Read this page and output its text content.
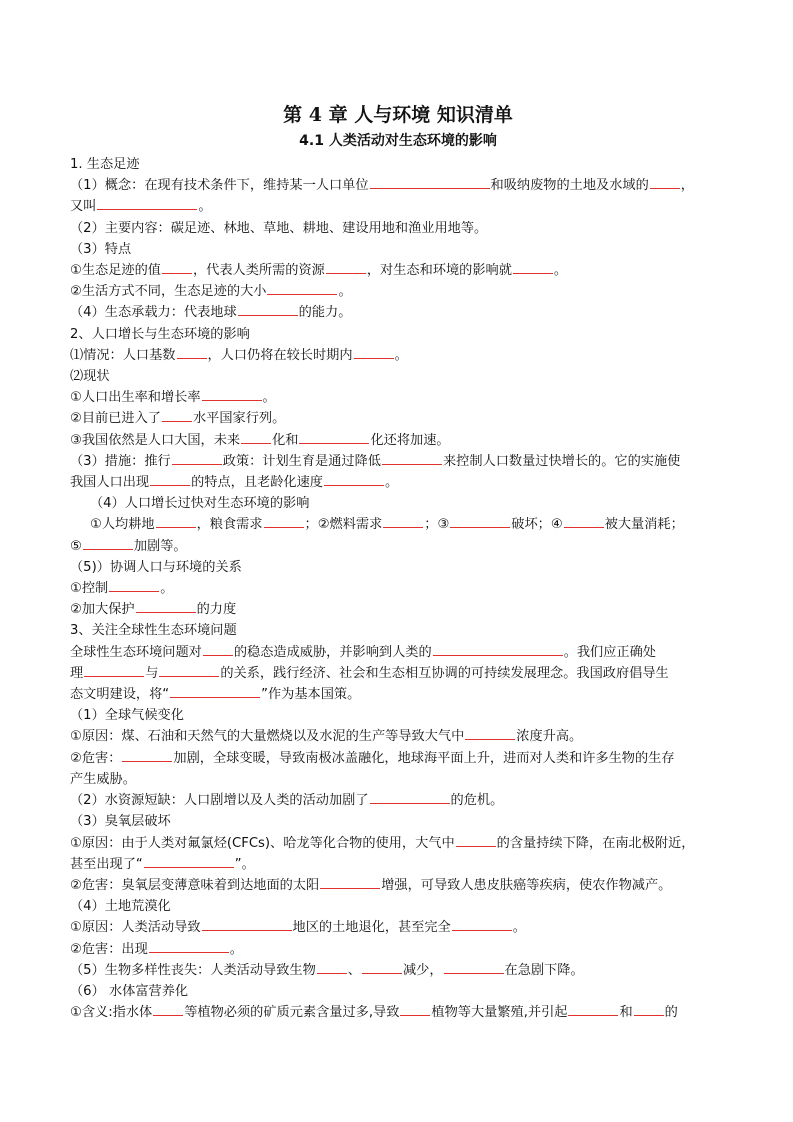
第 4 章 人与环境 知识清单
4.1 人类活动对生态环境的影响
1. 生态足迹
（1）概念：在现有技术条件下，维持某一人口单位	和吸纳废物的土地及水域的 ，
又叫	。
（2）主要内容：碳足迹、林地、草地、耕地、建设用地和渔业用地等。
（3）特点
①生态足迹的值 ，代表人类所需的资源	，对生态和环境的影响就	。
②生活方式不同，生态足迹的大小	。
（4）生态承载力：代表地球	的能力。
2、人口增长与生态环境的影响
⑴情况：人口基数 ，人口仍将在较长时期内	。
⑵现状
①人口出生率和增长率	。
②目前已进入了 水平国家行列。
③我国依然是人口大国，未来 化和	化还将加速。
（3）措施：推行	政策：计划生育是通过降低	来控制人口数量过快增长的。它的实施使
我国人口出现	的特点，且老龄化速度	。
（4）人口增长过快对生态环境的影响
①人均耕地	，粮食需求	；②燃料需求	；③	破坏；④	被大量消耗；
⑤	加剧等。
（5)）协调人口与环境的关系
①控制	。
②加大保护	的力度
3、关注全球性生态环境问题
全球性生态环境问题对 的稳态造成威胁，并影响到人类的	。我们应正确处
理	与	的关系，践行经济、社会和生态相互协调的可持续发展理念。我国政府倡导生
态文明建设，将“	”作为基本国策。
（1）全球气候变化
①原因：煤、石油和天然气的大量燃烧以及水泥的生产等导致大气中	浓度升高。
②危害：	加剧，全球变暖，导致南极冰盖融化，地球海平面上升，进而对人类和许多生物的生存
产生威胁。
（2）水资源短缺：人口剧增以及人类的活动加剧了	的危机。
（3）臭氧层破坏
①原因：由于人类对氟氯烃(CFCs)、哈龙等化合物的使用，大气中	的含量持续下降，在南北极附近，
甚至出现了“	”。
②危害：臭氧层变薄意味着到达地面的太阳	增强，可导致人患皮肤癌等疾病，使农作物减产。
（4）土地荒漠化
①原因：人类活动导致	地区的土地退化，甚至完全	。
②危害：出现	。
（5）生物多样性丧失：人类活动导致生物 、	减少，	在急剧下降。
（6） 水体富营养化
①含义:指水体 等植物必须的矿质元素含量过多,导致 植物等大量繁殖,并引起	和 的
